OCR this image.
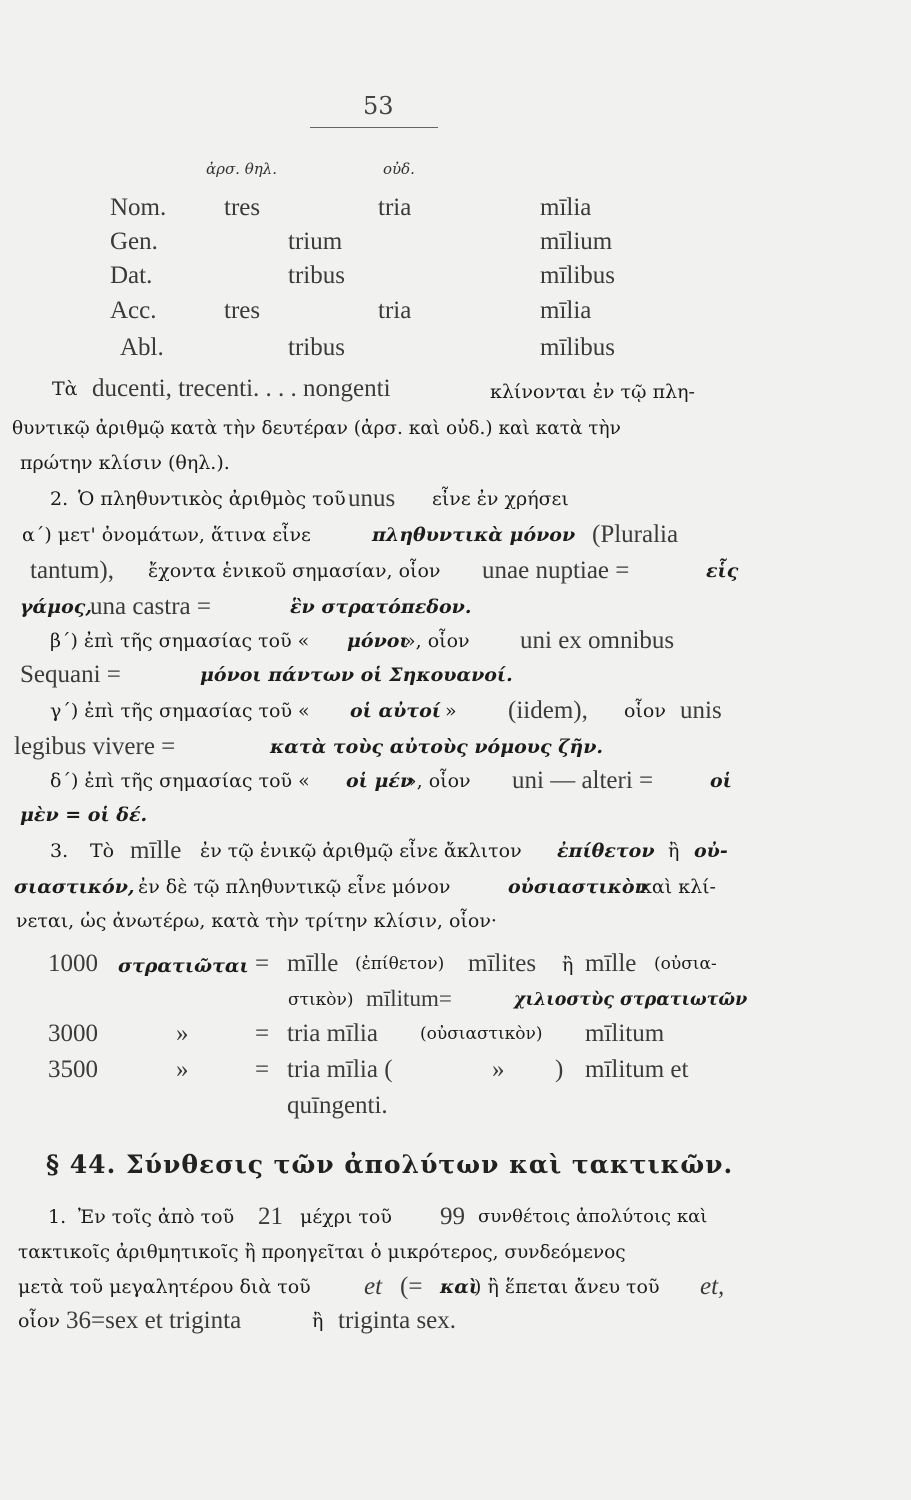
53
ἀρσ. θηλ.	οὐδ.
Nom. tres	tria	mīlia
Gen.	trium	mīlium
Dat.	tribus	mīlibus
Acc.	tres	tria	mīlia
Abl.	tribus	mīlibus
Τὰ ducenti, trecenti. . . . nongenti	κλίνονται ἐν τῷ πλη-
θυντικῷ ἀριθμῷ κατὰ τὴν δευτέραν (ἀρσ. καὶ οὐδ.) καὶ κατὰ τὴν
πρώτην κλίσιν (θηλ.).
2. Ὁ πληθυντικὸς ἀριθμὸς τοῦ unus εἶνε ἐν χρήσει
α΄) μετ' ὀνομάτων, ἅτινα εἶνε	πληθυντικὰ μόνον (Pluralia
tantum), ἔχοντα ἑνικοῦ σημασίαν, οἷον unae nuptiae =	εἷς
γάμος,
una castra =	ἓν στρατόπεδον.
β΄) ἐπὶ τῆς σημασίας τοῦ « μόνοι
», οἷον uni ex omnibus
Sequani =	μόνοι πάντων οἱ Σηκουανοί.
γ΄) ἐπὶ τῆς σημασίας τοῦ « οἱ αὐτοί » (iidem), οἷον unis
legibus vivere =	κατὰ τοὺς αὐτοὺς νόμους ζῆν.
δ΄) ἐπὶ τῆς σημασίας τοῦ « οἱ μέν
», οἷον uni — alteri =	οἱ
μὲν = οἱ δέ.
3. Τὸ mīlle ἐν τῷ ἑνικῷ ἀριθμῷ εἶνε ἄκλιτον ἐπίθετον ἢ οὐ-
σιαστικόν, ἐν δὲ τῷ πληθυντικῷ εἶνε μόνον	οὐσιαστικὸν
καὶ κλί-
νεται, ὡς ἀνωτέρω, κατὰ τὴν τρίτην κλίσιν, οἷον·
1000 στρατιῶται = mīlle (ἐπίθετον) mīlites ἢ mīlle (οὐσια-
στικὸν) mīlitum=	χιλιοστὺς στρατιωτῶν
3000	»	= tria mīlia (οὐσιαστικὸν) mīlitum
3500	»	= tria mīlia (	» ) mīlitum et
quīngenti.
§ 44. Σύνθεσις τῶν ἀπολύτων καὶ τακτικῶν.
1. Ἐν τοῖς ἀπὸ τοῦ 21 μέχρι τοῦ 99 συνθέτοις ἀπολύτοις καὶ
τακτικοῖς ἀριθμητικοῖς ἢ προηγεῖται ὁ μικρότερος, συνδεόμενος
μετὰ τοῦ μεγαλητέρου διὰ τοῦ et (= καὶ
) ἢ ἕπεται ἄνευ τοῦ et,
οἷον 36=sex et triginta	ἢ triginta sex.
